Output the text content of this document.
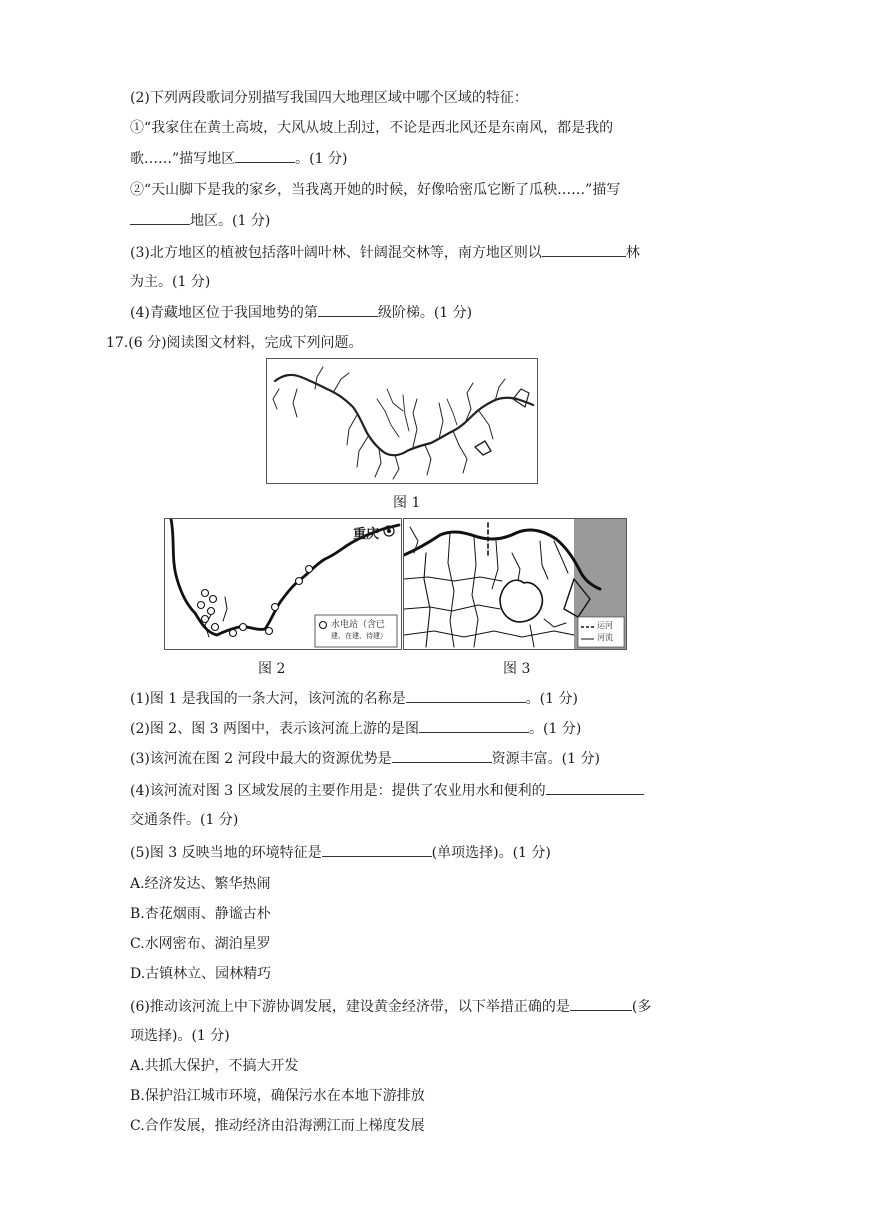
(2)下列两段歌词分别描写我国四大地理区域中哪个区域的特征：
①“我家住在黄土高坡，大风从坡上刮过，不论是西北风还是东南风，都是我的
歌……”描写地区	。(1 分)
②“天山脚下是我的家乡，当我离开她的时候，好像哈密瓜它断了瓜秧……”描写
地区。(1 分)
(3)北方地区的植被包括落叶阔叶林、针阔混交林等，南方地区则以	林
为主。(1 分)
(4)青藏地区位于我国地势的第	级阶梯。(1 分)
17.(6 分)阅读图文材料，完成下列问题。
图 1
重庆
水电站（含已
建、在建、待建）
图 2
运河
河流
图 3
(1)图 1 是我国的一条大河，该河流的名称是	。(1 分)
(2)图 2、图 3 两图中，表示该河流上游的是图	。(1 分)
(3)该河流在图 2 河段中最大的资源优势是	资源丰富。(1 分)
(4)该河流对图 3 区域发展的主要作用是：提供了农业用水和便利的
交通条件。(1 分)
(5)图 3 反映当地的环境特征是	(单项选择)。(1 分)
A.经济发达、繁华热闹
B.杏花烟雨、静谧古朴
C.水网密布、湖泊星罗
D.古镇林立、园林精巧
(6)推动该河流上中下游协调发展，建设黄金经济带，以下举措正确的是	(多
项选择)。(1 分)
A.共抓大保护，不搞大开发
B.保护沿江城市环境，确保污水在本地下游排放
C.合作发展，推动经济由沿海溯江而上梯度发展
